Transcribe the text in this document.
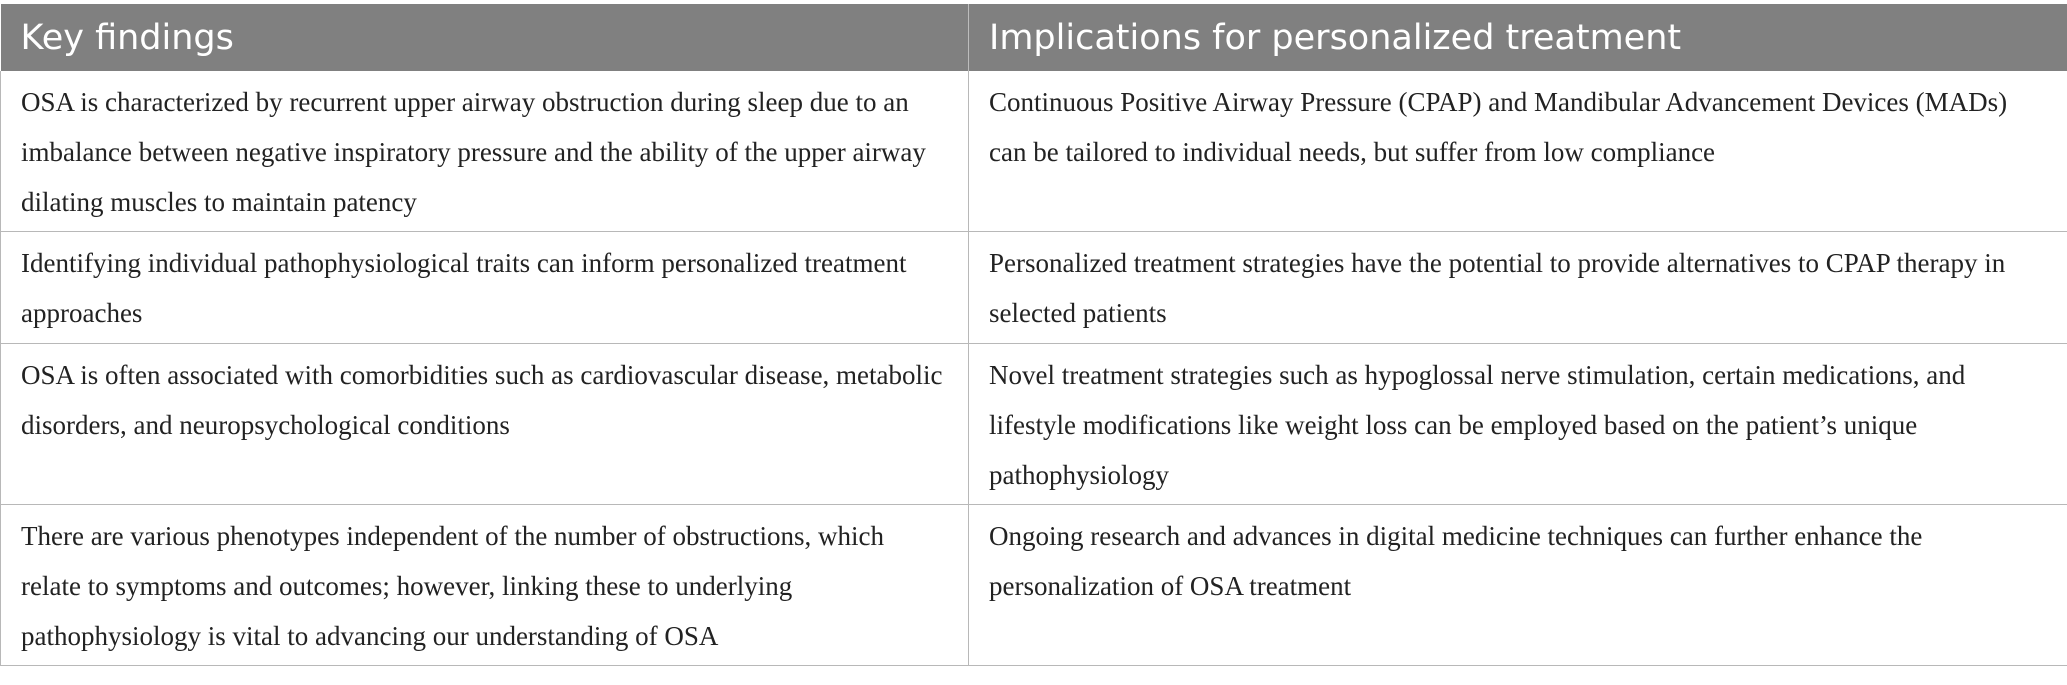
Key findings	Implications for personalized treatment
OSA is characterized by recurrent upper airway obstruction during sleep due to an imbalance between negative inspiratory pressure and the ability of the upper airway dilating muscles to maintain patency	Continuous Positive Airway Pressure (CPAP) and Mandibular Advancement Devices (MADs) can be tailored to individual needs, but suffer from low compliance
Identifying individual pathophysiological traits can inform personalized treatment approaches	Personalized treatment strategies have the potential to provide alternatives to CPAP therapy in selected patients
OSA is often associated with comorbidities such as cardiovascular disease, metabolic disorders, and neuropsychological conditions	Novel treatment strategies such as hypoglossal nerve stimulation, certain medications, and lifestyle modifications like weight loss can be employed based on the patient’s unique pathophysiology
There are various phenotypes independent of the number of obstructions, which relate to symptoms and outcomes; however, linking these to underlying pathophysiology is vital to advancing our understanding of OSA	Ongoing research and advances in digital medicine techniques can further enhance the personalization of OSA treatment
